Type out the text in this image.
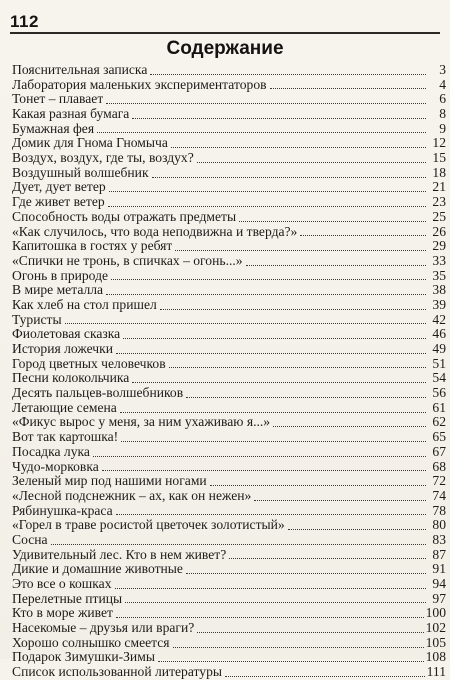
112
Содержание
Пояснительная записка	3
Лаборатория маленьких экспериментаторов	4
Тонет – плавает	6
Какая разная бумага	8
Бумажная фея	9
Домик для Гнома Гномыча	12
Воздух, воздух, где ты, воздух?	15
Воздушный волшебник	18
Дует, дует ветер	21
Где живет ветер	23
Способность воды отражать предметы	25
«Как случилось, что вода неподвижна и тверда?»	26
Капитошка в гостях у ребят	29
«Спички не тронь, в спичках – огонь...»	33
Огонь в природе	35
В мире металла	38
Как хлеб на стол пришел	39
Туристы	42
Фиолетовая сказка	46
История ложечки	49
Город цветных человечков	51
Песни колокольчика	54
Десять пальцев-волшебников	56
Летающие семена	61
«Фикус вырос у меня, за ним ухаживаю я...»	62
Вот так картошка!	65
Посадка лука	67
Чудо-морковка	68
Зеленый мир под нашими ногами	72
«Лесной подснежник – ах, как он нежен»	74
Рябинушка-краса	78
«Горел в траве росистой цветочек золотистый»	80
Сосна	83
Удивительный лес. Кто в нем живет?	87
Дикие и домашние животные	91
Это все о кошках	94
Перелетные птицы	97
Кто в море живет	100
Насекомые – друзья или враги?	102
Хорошо солнышко смеется	105
Подарок Зимушки-Зимы	108
Список использованной литературы	111
